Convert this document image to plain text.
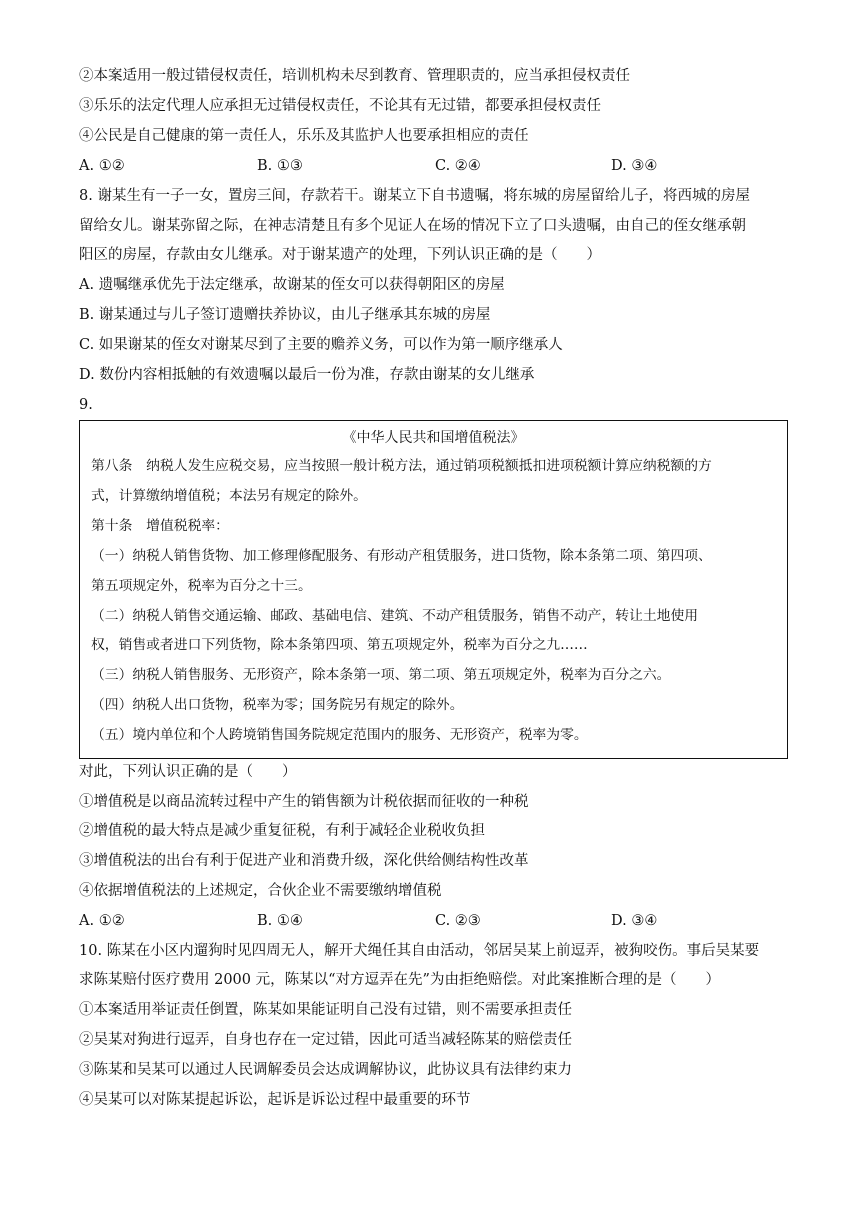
②本案适用一般过错侵权责任，培训机构未尽到教育、管理职责的，应当承担侵权责任
③乐乐的法定代理人应承担无过错侵权责任，不论其有无过错，都要承担侵权责任
④公民是自己健康的第一责任人，乐乐及其监护人也要承担相应的责任
A. ①②	B. ①③	C. ②④	D. ③④
8. 谢某生有一子一女，置房三间，存款若干。谢某立下自书遗嘱，将东城的房屋留给儿子，将西城的房屋
留给女儿。谢某弥留之际，在神志清楚且有多个见证人在场的情况下立了口头遗嘱，由自己的侄女继承朝
阳区的房屋，存款由女儿继承。对于谢某遗产的处理，下列认识正确的是（　　）
A. 遗嘱继承优先于法定继承，故谢某的侄女可以获得朝阳区的房屋
B. 谢某通过与儿子签订遗赠扶养协议，由儿子继承其东城的房屋
C. 如果谢某的侄女对谢某尽到了主要的赡养义务，可以作为第一顺序继承人
D. 数份内容相抵触的有效遗嘱以最后一份为准，存款由谢某的女儿继承
9.
《中华人民共和国增值税法》
第八条　纳税人发生应税交易，应当按照一般计税方法，通过销项税额抵扣进项税额计算应纳税额的方
式，计算缴纳增值税；本法另有规定的除外。
第十条　增值税税率：
（一）纳税人销售货物、加工修理修配服务、有形动产租赁服务，进口货物，除本条第二项、第四项、
第五项规定外，税率为百分之十三。
（二）纳税人销售交通运输、邮政、基础电信、建筑、不动产租赁服务，销售不动产，转让土地使用
权，销售或者进口下列货物，除本条第四项、第五项规定外，税率为百分之九……
（三）纳税人销售服务、无形资产，除本条第一项、第二项、第五项规定外，税率为百分之六。
（四）纳税人出口货物，税率为零；国务院另有规定的除外。
（五）境内单位和个人跨境销售国务院规定范围内的服务、无形资产，税率为零。
对此，下列认识正确的是（　　）
①增值税是以商品流转过程中产生的销售额为计税依据而征收的一种税
②增值税的最大特点是减少重复征税，有利于减轻企业税收负担
③增值税法的出台有利于促进产业和消费升级，深化供给侧结构性改革
④依据增值税法的上述规定，合伙企业不需要缴纳增值税
A. ①②	B. ①④	C. ②③	D. ③④
10. 陈某在小区内遛狗时见四周无人，解开犬绳任其自由活动，邻居吴某上前逗弄，被狗咬伤。事后吴某要
求陈某赔付医疗费用 2000 元，陈某以“对方逗弄在先”为由拒绝赔偿。对此案推断合理的是（　　）
①本案适用举证责任倒置，陈某如果能证明自己没有过错，则不需要承担责任
②吴某对狗进行逗弄，自身也存在一定过错，因此可适当减轻陈某的赔偿责任
③陈某和吴某可以通过人民调解委员会达成调解协议，此协议具有法律约束力
④吴某可以对陈某提起诉讼，起诉是诉讼过程中最重要的环节
